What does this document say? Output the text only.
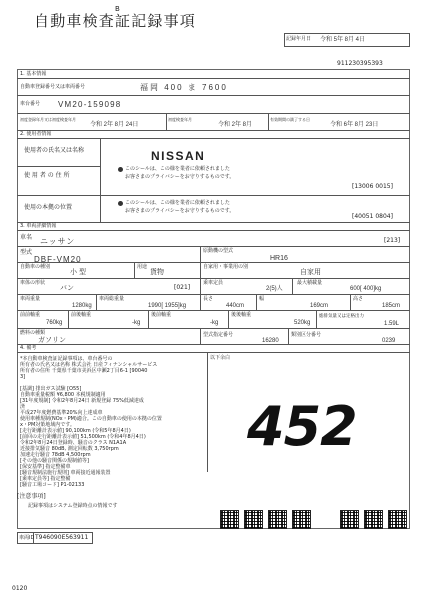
B
自動車検査証記録事項
記録年月日 令和 5年 8月 4日
911230395393
1. 基本情報
自動車登録番号又は車両番号	福岡 400 ま 7600
車台番号 VM20-159098
初度登録年月又は初度検査年月
令和 2年 8月 24日
初度検査年月
令和 2年 8月
有効期間の満了する日
令和 6年 8月 23日
2. 使用者情報
使用者の氏名又は名称
使 用 者 の 住 所
使用の本拠の位置
NISSAN
このシールは、この様を業者に依頼されました
お客さまのプライバシーをお守りするものです。
[13006 0015]
このシールは、この様を業者に依頼されました
お客さまのプライバシーをお守りするものです。
[40051 0804]
3. 車両詳細情報
車名 ニッサン	[213]
型式
DBF-VM20
原動機の型式
HR16
自動車の種別
小 型
用途
貨物
自家用・事業用の別
自家用
車体の形状
バン	[021]
乗車定員
2(5)人
最大積載量
600[ 400]kg
車両重量
1280kg
車両総重量
1990[ 1955]kg
長さ
440cm
幅
169cm
高さ
185cm
前前軸重
760kg
前後軸重
-kg
後前軸重
-kg
後後軸重
520kg
総排気量又は定格出力
1.59L
燃料の種類
ガソリン
型式指定番号
16280
類別区分番号
0239
4. 備考
以下余白
*本自動車検査証記録事項は、車台番号の
所有者の氏名又は名称 株式会社 日産フィナンシャルサービス
所有者の住所 千葉県千葉市美浜区中瀬2丁目6-1 [90040
3]
[基調] 排出ガス試験 [O55]
自動車重量税額 ¥6,800 本税規制適用
[31年度規制] 令和2年8月24日 新規登録 75%低減達成
済
平成27年度燃費基準20%向上達成車
使用車種規制(NOx・PM)適合。この自動車の使用の本拠の位置
x・PM対策地域内です。
[走行距離計表示値] 90,100km (令和5年8月4日)
[前回の走行距離計表示値] 51,500km (令和4年8月4日)
令和2年8月24日登録時、騒音のクラス N1A1A
近接排気騒音 80dB, 測定回転数 3,750rpm
加速走行騒音 78dB 4,500rpm
[その他の騒音関係の規制値等]
[保安基準] 指定整備車
[騒音規制法施行規則] 車両接近通報装置
[乗車定員等] 指定整備
[騒音工場コード] P1-02133
452
[注意事項]
記録事項はシステム登録時点の情報です
車両ID T946090E563911
0120
